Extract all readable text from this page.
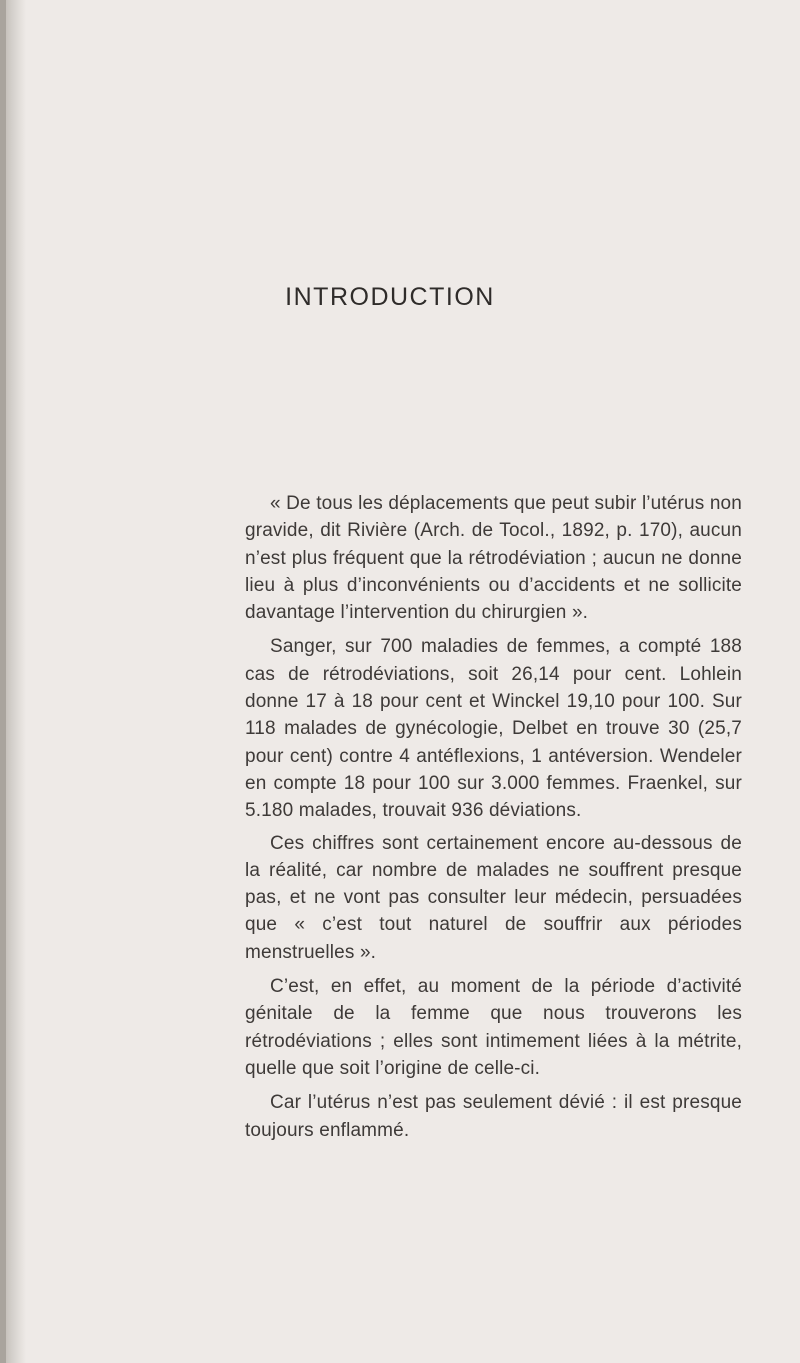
INTRODUCTION

« De tous les déplacements que peut subir l’utérus non gravide, dit Rivière (Arch. de Tocol., 1892, p. 170), aucun n’est plus fréquent que la rétrodéviation ; aucun ne donne lieu à plus d’inconvénients ou d’accidents et ne sollicite davantage l’intervention du chirurgien ».

Sanger, sur 700 maladies de femmes, a compté 188 cas de rétrodéviations, soit 26,14 pour cent. Lohlein donne 17 à 18 pour cent et Winckel 19,10 pour 100. Sur 118 malades de gynécologie, Delbet en trouve 30 (25,7 pour cent) contre 4 antéflexions, 1 antéversion. Wendeler en compte 18 pour 100 sur 3.000 femmes. Fraenkel, sur 5.180 malades, trouvait 936 déviations.

Ces chiffres sont certainement encore au-dessous de la réalité, car nombre de malades ne souffrent presque pas, et ne vont pas consulter leur médecin, persuadées que « c’est tout naturel de souffrir aux périodes menstruelles ».

C’est, en effet, au moment de la période d’activité génitale de la femme que nous trouverons les rétrodéviations ; elles sont intimement liées à la métrite, quelle que soit l’origine de celle-ci.

Car l’utérus n’est pas seulement dévié : il est presque toujours enflammé.
